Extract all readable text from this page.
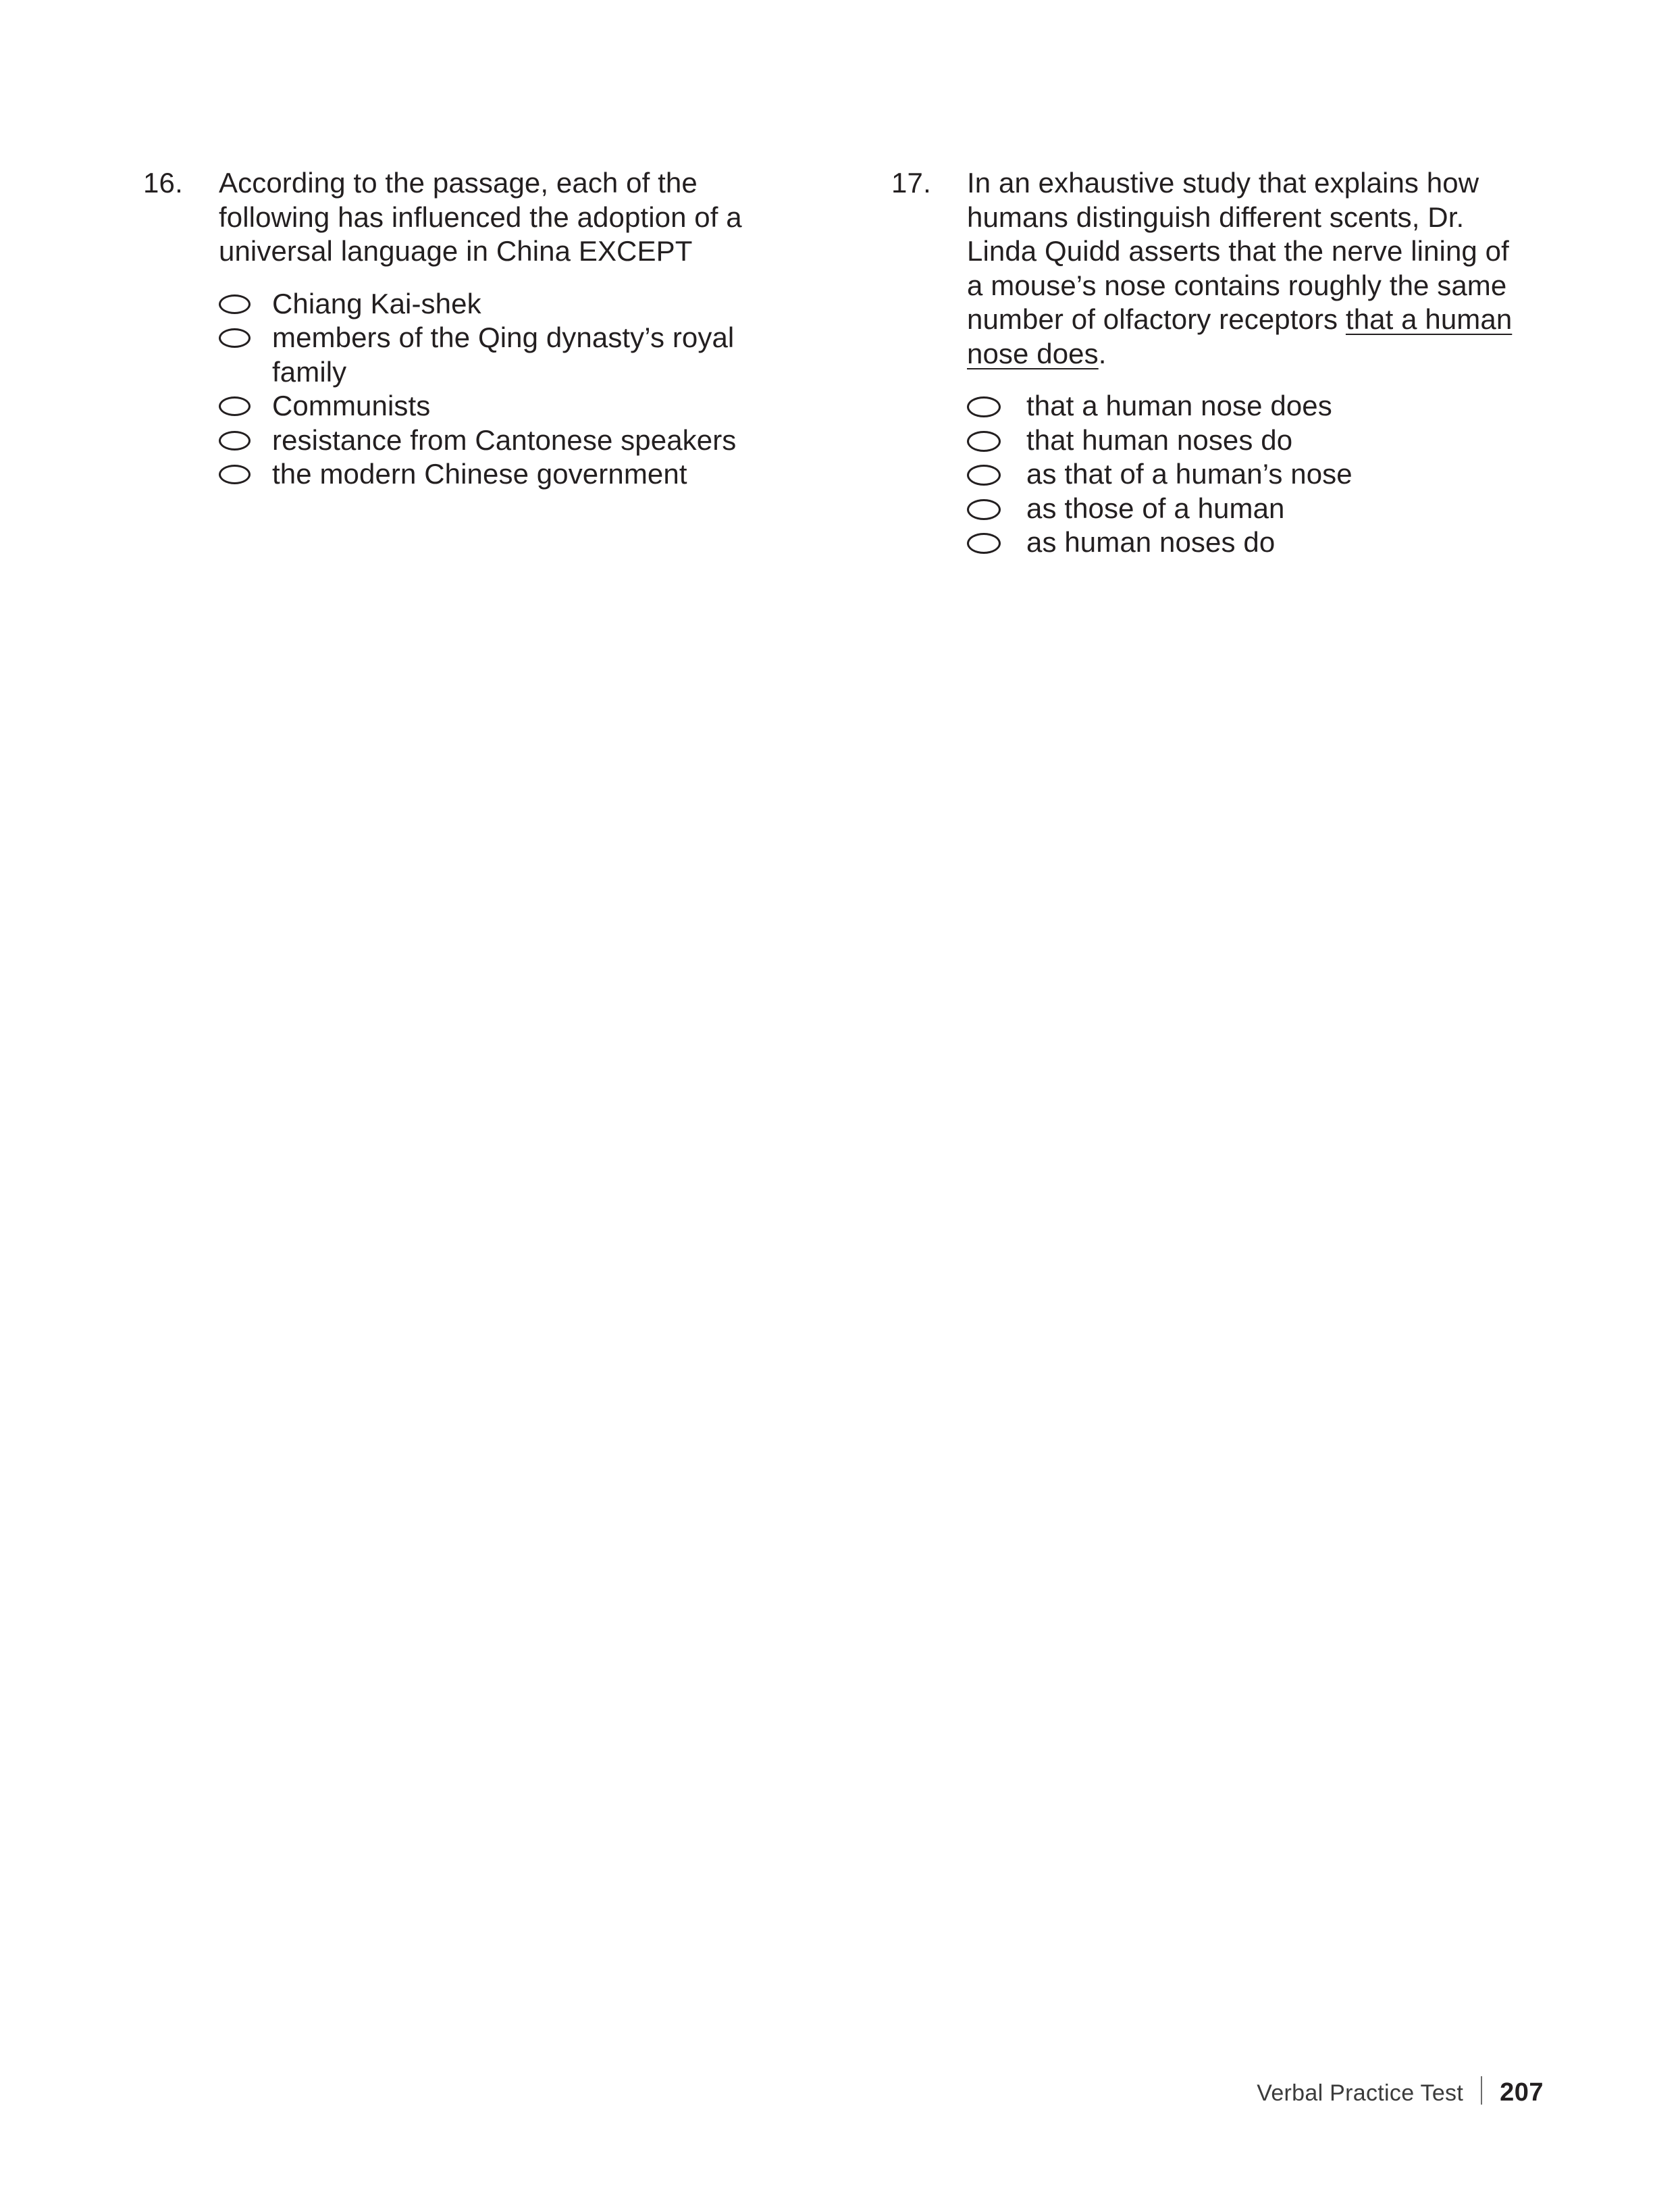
16.	According to the passage, each of the following has influenced the adoption of a universal language in China EXCEPT

Chiang Kai-shek
members of the Qing dynasty’s royal family
Communists
resistance from Cantonese speakers
the modern Chinese government
17.	In an exhaustive study that explains how humans distinguish different scents, Dr. Linda Quidd asserts that the nerve lining of a mouse’s nose contains roughly the same number of olfactory receptors that a human nose does.

that a human nose does
that human noses do
as that of a human’s nose
as those of a human
as human noses do
Verbal Practice Test 207
